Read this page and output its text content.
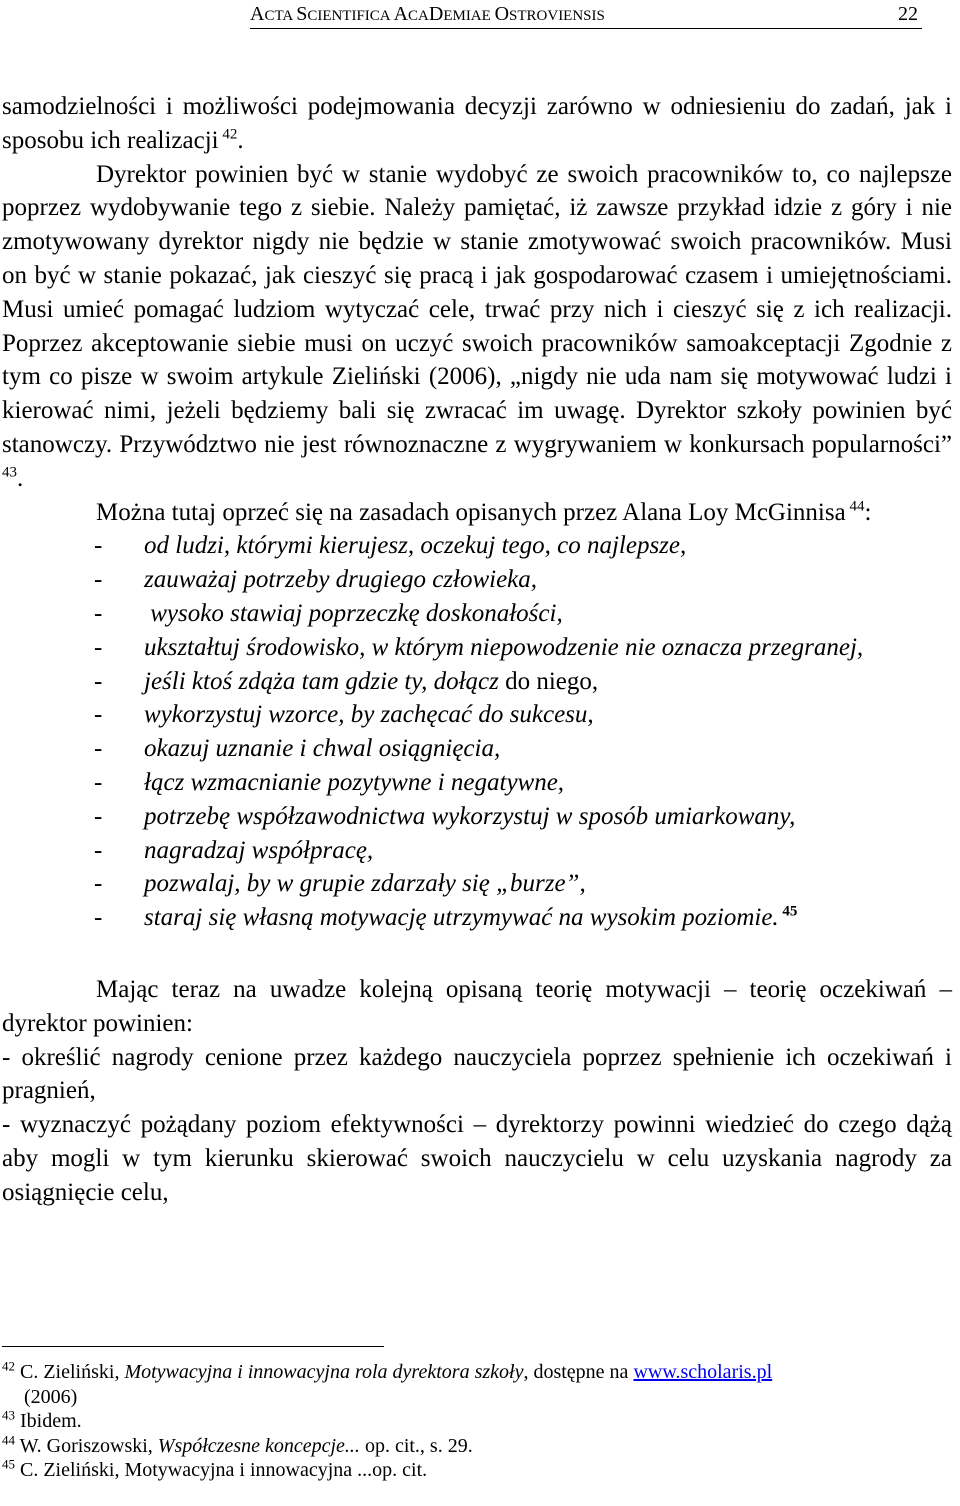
ACTA SCIENTIFICA ACADEMIAE OSTROVIENSIS	22

samodzielności i możliwości podejmowania decyzji zarówno w odniesieniu do zadań, jak i sposobu ich realizacji $^{42}$.

Dyrektor powinien być w stanie wydobyć ze swoich pracowników to, co najlepsze poprzez wydobywanie tego z siebie. Należy pamiętać, iż zawsze przykład idzie z góry i nie zmotywowany dyrektor nigdy nie będzie w stanie zmotywować swoich pracowników. Musi on być w stanie pokazać, jak cieszyć się pracą i jak gospodarować czasem i umiejętnościami. Musi umieć pomagać ludziom wytyczać cele, trwać przy nich i cieszyć się z ich realizacji. Poprzez akceptowanie siebie musi on uczyć swoich pracowników samoakceptacji Zgodnie z tym co pisze w swoim artykule Zieliński (2006), „nigdy nie uda nam się motywować ludzi i kierować nimi, jeżeli będziemy bali się zwracać im uwagę. Dyrektor szkoły powinien być stanowczy. Przywództwo nie jest równoznaczne z wygrywaniem w konkursach popularności” $^{43}$.

Można tutaj oprzeć się na zasadach opisanych przez Alana Loy McGinnisa $^{44}$:

- od ludzi, którymi kierujesz, oczekuj tego, co najlepsze,
- zauważaj potrzeby drugiego człowieka,
- wysoko stawiaj poprzeczkę doskonałości,
- ukształtuj środowisko, w którym niepowodzenie nie oznacza przegranej,
- jeśli ktoś zdąża tam gdzie ty, dołącz do niego,
- wykorzystuj wzorce, by zachęcać do sukcesu,
- okazuj uznanie i chwal osiągnięcia,
- łącz wzmacnianie pozytywne i negatywne,
- potrzebę współzawodnictwa wykorzystuj w sposób umiarkowany,
- nagradzaj współpracę,
- pozwalaj, by w grupie zdarzały się „burze”,
- staraj się własną motywację utrzymywać na wysokim poziomie. $^{45}$

Mając teraz na uwadze kolejną opisaną teorię motywacji – teorię oczekiwań – dyrektor powinien:

- określić nagrody cenione przez każdego nauczyciela poprzez spełnienie ich oczekiwań i pragnień,

- wyznaczyć pożądany poziom efektywności – dyrektorzy powinni wiedzieć do czego dążą aby mogli w tym kierunku skierować swoich nauczycielu w celu uzyskania nagrody za osiągnięcie celu,

$^{42}$ C. Zieliński, Motywacyjna i innowacyjna rola dyrektora szkoły, dostępne na www.scholaris.pl

(2006)

$^{43}$ Ibidem.

$^{44}$ W. Goriszowski, Współczesne koncepcje... op. cit., s. 29.

$^{45}$ C. Zieliński, Motywacyjna i innowacyjna ...op. cit.
